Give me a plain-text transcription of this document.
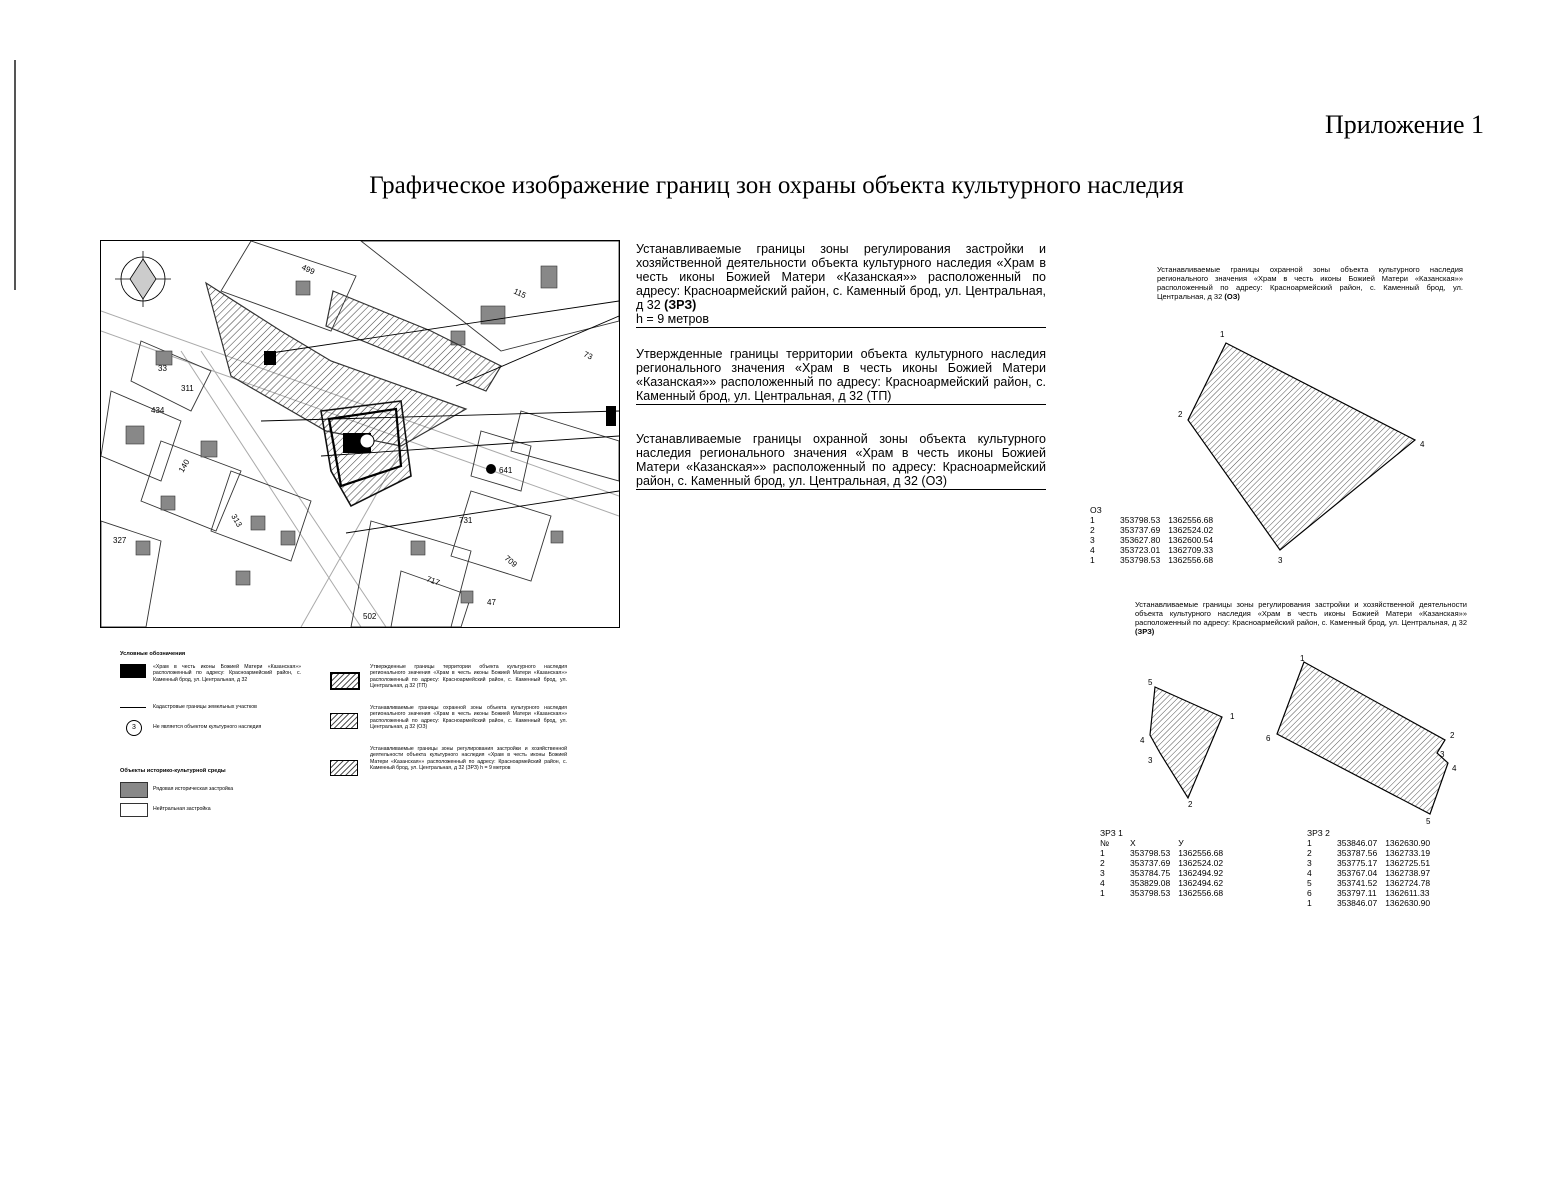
Приложение 1
Графическое изображение границ зон охраны объекта культурного наследия
499
115
73
55
311
434
140
313
327
641
731
709
717
502
33
47
Устанавливаемые границы зоны регулирования застройки и хозяйственной деятельности объекта культурного наследия «Храм в честь иконы Божией Матери «Казанская»» расположенный по адресу: Красноармейский район, с. Каменный брод, ул. Центральная, д 32 (ЗРЗ)
h = 9 метров
Утвержденные границы территории объекта культурного наследия регионального значения «Храм в честь иконы Божией Матери «Казанская»» расположенный по адресу: Красноармейский район, с. Каменный брод, ул. Центральная, д 32 (ТП)
Устанавливаемые границы охранной зоны объекта культурного наследия регионального значения «Храм в честь иконы Божией Матери «Казанская»» расположенный по адресу: Красноармейский район, с. Каменный брод, ул. Центральная, д 32 (ОЗ)
Условные обозначения
«Храм в честь иконы Божией Матери «Казанская»» расположенный по адресу: Красноармейский район, с. Каменный брод, ул. Центральная, д 32
Кадастровые границы земельных участков
3	Не является объектом культурного наследия
Объекты историко-культурной среды
Рядовая историческая застройка
Нейтральная застройка
Утвержденные границы территории объекта культурного наследия регионального значения «Храм в честь иконы Божией Матери «Казанская»» расположенный по адресу: Красноармейский район, с. Каменный брод, ул. Центральная, д 32 (ТП)
Устанавливаемые границы охранной зоны объекта культурного наследия регионального значения «Храм в честь иконы Божией Матери «Казанская»» расположенный по адресу: Красноармейский район, с. Каменный брод, ул. Центральная, д 32 (ОЗ)
Устанавливаемые границы зоны регулирования застройки и хозяйственной деятельности объекта культурного наследия «Храм в честь иконы Божией Матери «Казанская»» расположенный по адресу: Красноармейский район, с. Каменный брод, ул. Центральная, д 32 (ЗРЗ) h = 9 метров
Устанавливаемые границы охранной зоны объекта культурного наследия регионального значения «Храм в честь иконы Божией Матери «Казанская»» расположенный по адресу: Красноармейский район, с. Каменный брод, ул. Центральная, д 32 (ОЗ)
1
2
3
4
ОЗ
1	353798.53	1362556.68
2	353737.69	1362524.02
3	353627.80	1362600.54
4	353723.01	1362709.33
1	353798.53	1362556.68
Устанавливаемые границы зоны регулирования застройки и хозяйственной деятельности объекта культурного наследия «Храм в честь иконы Божией Матери «Казанская»» расположенный по адресу: Красноармейский район, с. Каменный брод, ул. Центральная, д 32 (ЗРЗ)
1
2
3
4
5
1
2
3
4
5
6
ЗРЗ 1
№	Х	У
1	353798.53	1362556.68
2	353737.69	1362524.02
3	353784.75	1362494.92
4	353829.08	1362494.62
1	353798.53	1362556.68
ЗРЗ 2
1	353846.07	1362630.90
2	353787.56	1362733.19
3	353775.17	1362725.51
4	353767.04	1362738.97
5	353741.52	1362724.78
6	353797.11	1362611.33
1	353846.07	1362630.90
